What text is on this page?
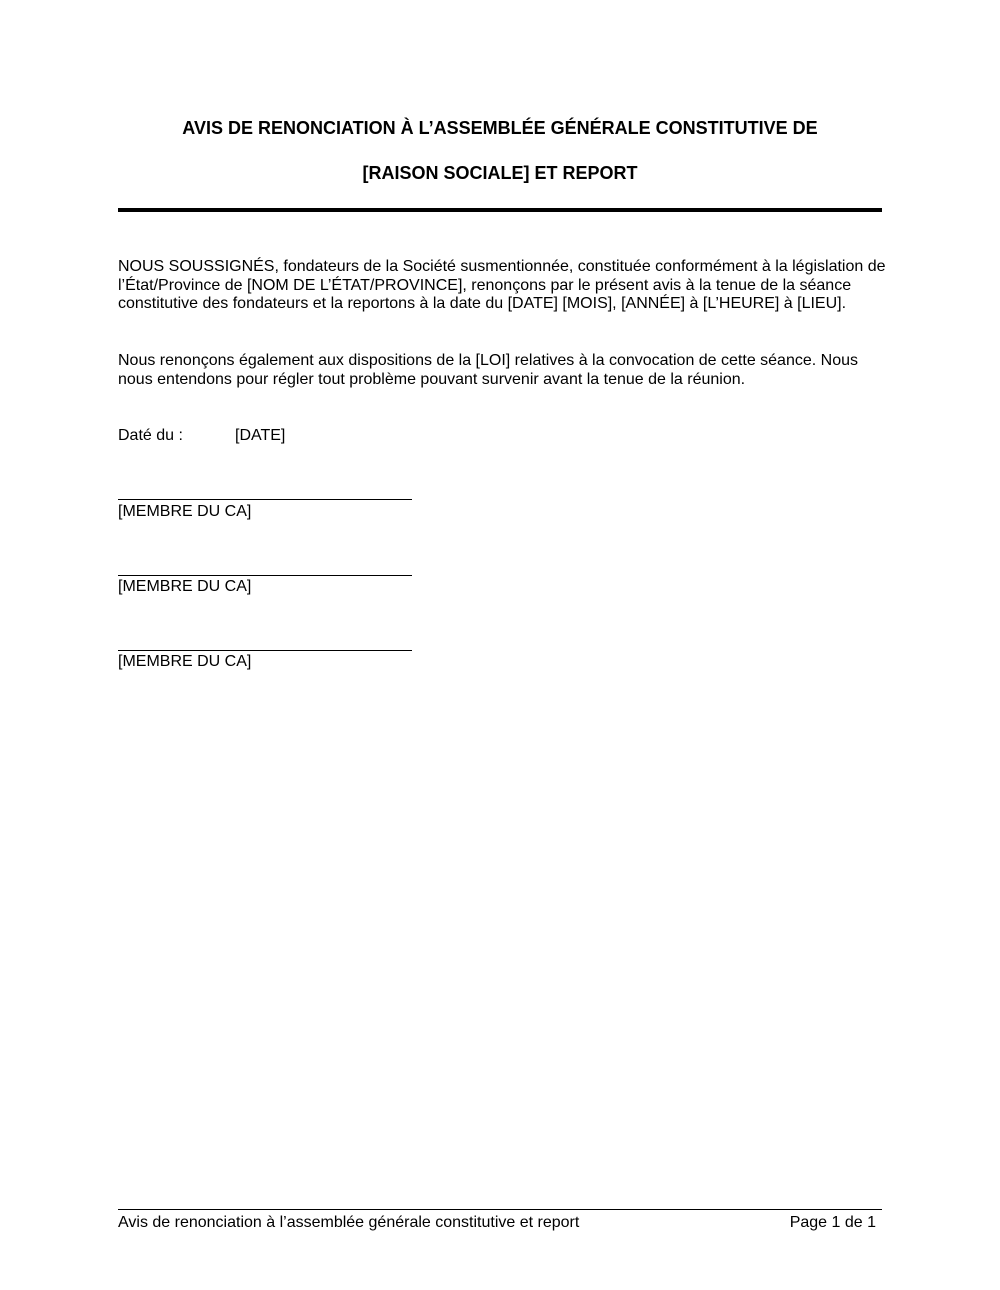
AVIS DE RENONCIATION À L’ASSEMBLÉE GÉNÉRALE CONSTITUTIVE DE
[RAISON SOCIALE] ET REPORT

NOUS SOUSSIGNÉS, fondateurs de la Société susmentionnée, constituée conformément à la législation de l’État/Province de [NOM DE L’ÉTAT/PROVINCE], renonçons par le présent avis à la tenue de la séance constitutive des fondateurs et la reportons à la date du [DATE] [MOIS], [ANNÉE] à [L’HEURE] à [LIEU].

Nous renonçons également aux dispositions de la [LOI] relatives à la convocation de cette séance. Nous nous entendons pour régler tout problème pouvant survenir avant la tenue de la réunion.

Daté du :	[DATE]
[MEMBRE DU CA]
[MEMBRE DU CA]
[MEMBRE DU CA]
Avis de renonciation à l’assemblée générale constitutive et report	Page 1 de 1
